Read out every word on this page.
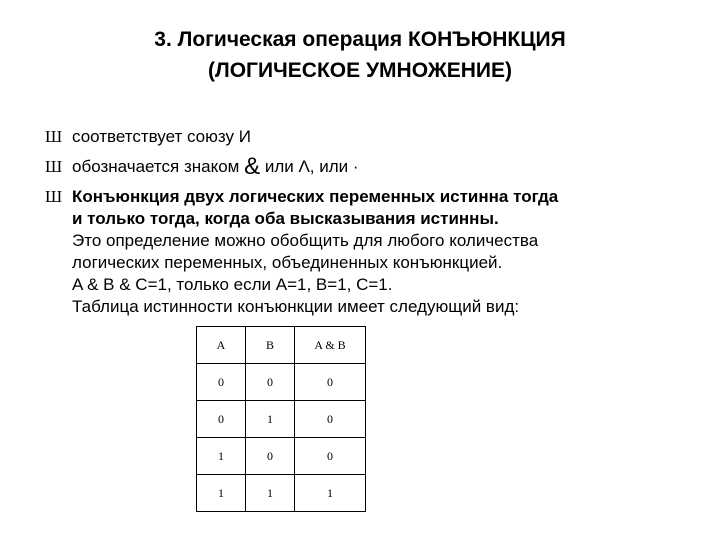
3. Логическая операция КОНЪЮНКЦИЯ
(ЛОГИЧЕСКОЕ УМНОЖЕНИЕ)
Ш соответствует союзу И
Ш обозначается знаком & или Λ, или ·
Ш Конъюнкция двух логических переменных истинна тогда
и только тогда, когда оба высказывания истинны.
Это определение можно обобщить для любого количества
логических переменных, объединенных конъюнкцией.
A & B & C=1, только если A=1, B=1, C=1.
Таблица истинности конъюнкции имеет следующий вид:
A	B	A & B
0	0	0
0	1	0
1	0	0
1	1	1
